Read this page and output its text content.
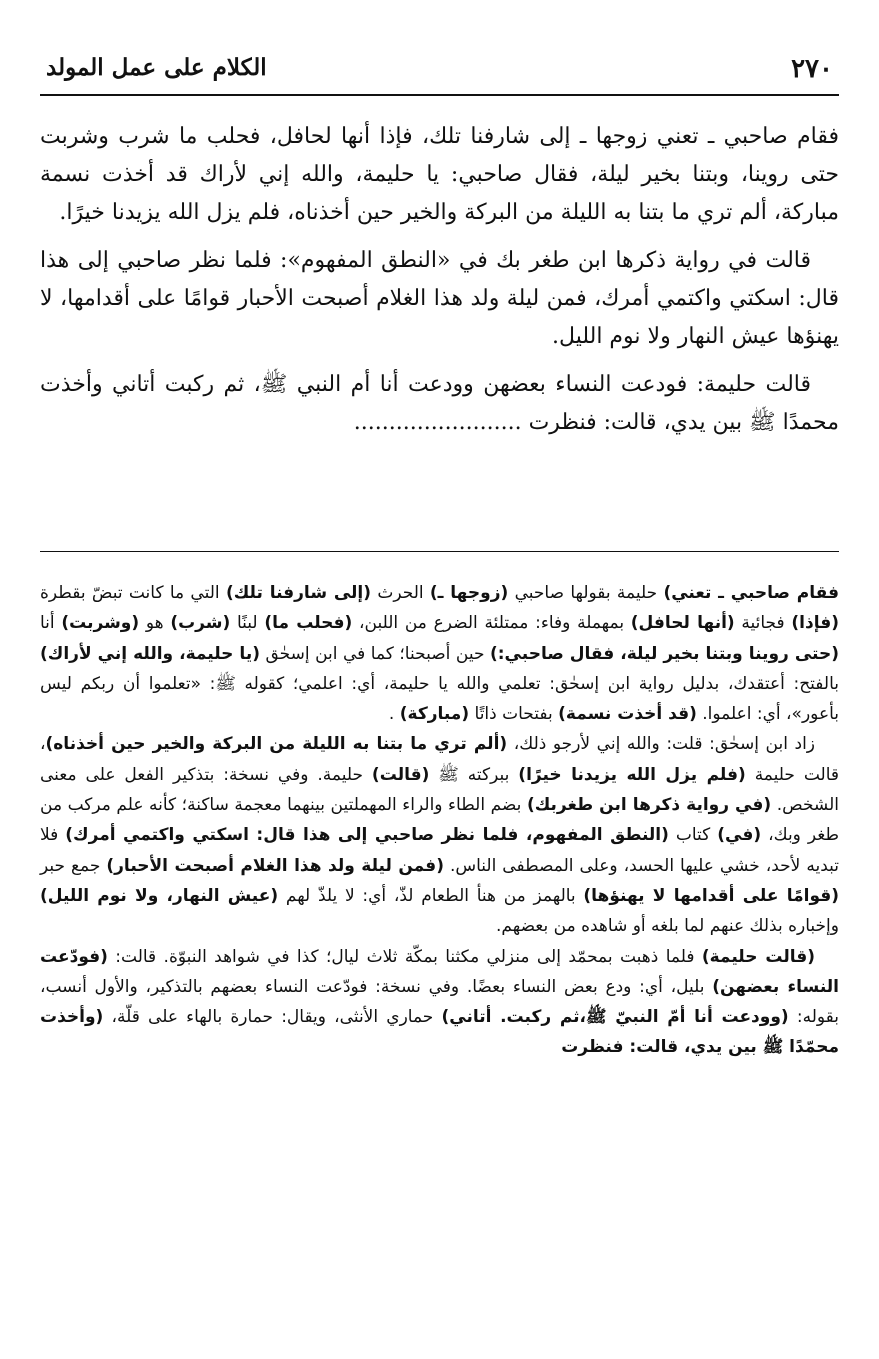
٢٧٠
الكلام على عمل المولد

فقام صاحبي ـ تعني زوجها ـ إلى شارفنا تلك، فإذا أنها لحافل، فحلب ما شرب وشربت حتى روينا، وبتنا بخير ليلة، فقال صاحبي: يا حليمة، والله إني لأراك قد أخذت نسمة مباركة، ألم تري ما بتنا به الليلة من البركة والخير حين أخذناه، فلم يزل الله يزيدنا خيرًا.

قالت في رواية ذكرها ابن طغر بك في «النطق المفهوم»: فلما نظر صاحبي إلى هذا قال: اسكتي واكتمي أمرك، فمن ليلة ولد هذا الغلام أصبحت الأحبار قوامًا على أقدامها، لا يهنؤها عيش النهار ولا نوم الليل.

قالت حليمة: فودعت النساء بعضهن وودعت أنا أم النبي ﷺ، ثم ركبت أتاني وأخذت محمدًا ﷺ بين يدي، قالت: فنظرت ........................

فقام صاحبي ـ تعني) حليمة بقولها صاحبي (زوجها ـ) الحرث (إلى شارفنا تلك) التي ما كانت تبضّ بقطرة (فإذا) فجائية (أنها لحافل) بمهملة وفاء: ممتلئة الضرع من اللبن، (فحلب ما) لبنًا (شرب) هو (وشربت) أنا (حتى روينا وبتنا بخير ليلة، فقال صاحبي:) حين أصبحنا؛ كما في ابن إسحٰق (يا حليمة، والله إني لأراك) بالفتح: أعتقدك، بدليل رواية ابن إسحٰق: تعلمي والله يا حليمة، أي: اعلمي؛ كقوله ﷺ: «تعلموا أن ربكم ليس بأعور»، أي: اعلموا. (قد أخذت نسمة) بفتحات ذاتًا (مباركة) .

زاد ابن إسحٰق: قلت: والله إني لأرجو ذلك، (ألم تري ما بتنا به الليلة من البركة والخير حين أخذناه)، قالت حليمة (فلم يزل الله يزيدنا خيرًا) ببركته ﷺ (قالت) حليمة. وفي نسخة: بتذكير الفعل على معنى الشخص. (في رواية ذكرها ابن طغربك) بضم الطاء والراء المهملتين بينهما معجمة ساكنة؛ كأنه علم مركب من طغر وبك، (في) كتاب (النطق المفهوم، فلما نظر صاحبي إلى هذا قال: اسكتي واكتمي أمرك) فلا تبديه لأحد، خشي عليها الحسد، وعلى المصطفى الناس. (فمن ليلة ولد هذا الغلام أصبحت الأحبار) جمع حبر (قوامًا على أقدامها لا يهنؤها) بالهمز من هنأ الطعام لذّ، أي: لا يلذّ لهم (عيش النهار، ولا نوم الليل) وإخباره بذلك عنهم لما بلغه أو شاهده من بعضهم.

(قالت حليمة) فلما ذهبت بمحمّد إلى منزلي مكثنا بمكّة ثلاث ليال؛ كذا في شواهد النبوّة. قالت: (فودّعت النساء بعضهن) بليل، أي: ودع بعض النساء بعضًا. وفي نسخة: فودّعت النساء بعضهم بالتذكير، والأول أنسب، بقوله: (وودعت أنا أمّ النبيّ ﷺ،ثم ركبت. أتاني) حماري الأنثى، ويقال: حمارة بالهاء على قلّة، (وأخذت محمّدًا ﷺ بين يدي، قالت: فنظرت
